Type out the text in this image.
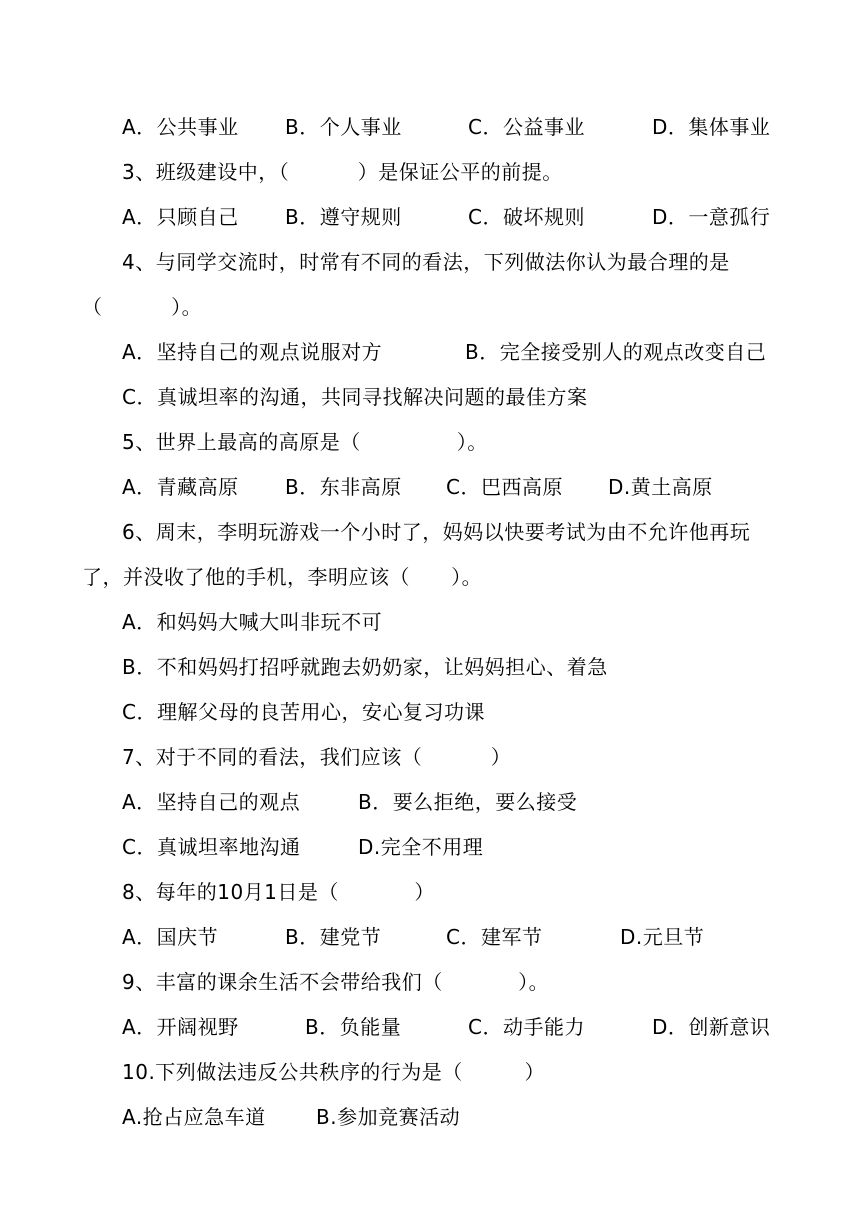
A．公共事业

B．个人事业

	C．公益事业

	D．集体事业

3、班级建设中，（          ）是保证公平的前提。

A．只顾自己

B．遵守规则

	C．破坏规则

	D．一意孤行

4、与同学交流时，时常有不同的看法，下列做法你认为最合理的是

（          ）。

A．坚持自己的观点说服对方

	B．完全接受别人的观点改变自己

C．真诚坦率的沟通，共同寻找解决问题的最佳方案

5、世界上最高的高原是（              ）。

A．青藏高原

B．东非高原

C．巴西高原

D.黄土高原

6、周末，李明玩游戏一个小时了，妈妈以快要考试为由不允许他再玩

了，并没收了他的手机，李明应该（      ）。

A．和妈妈大喊大叫非玩不可

B．不和妈妈打招呼就跑去奶奶家，让妈妈担心、着急

C．理解父母的良苦用心，安心复习功课

7、对于不同的看法，我们应该（          ）

A．坚持自己的观点

	B．要么拒绝，要么接受

C．真诚坦率地沟通

	D.完全不用理

8、每年的10月1日是（           ）

A．国庆节

	B．建党节

	C．建军节

	D.元旦节

9、丰富的课余生活不会带给我们（           ）。

A．开阔视野

	B．负能量

	C．动手能力

	D．创新意识

10.下列做法违反公共秩序的行为是（         ）

A.抢占应急车道

	B.参加竞赛活动
